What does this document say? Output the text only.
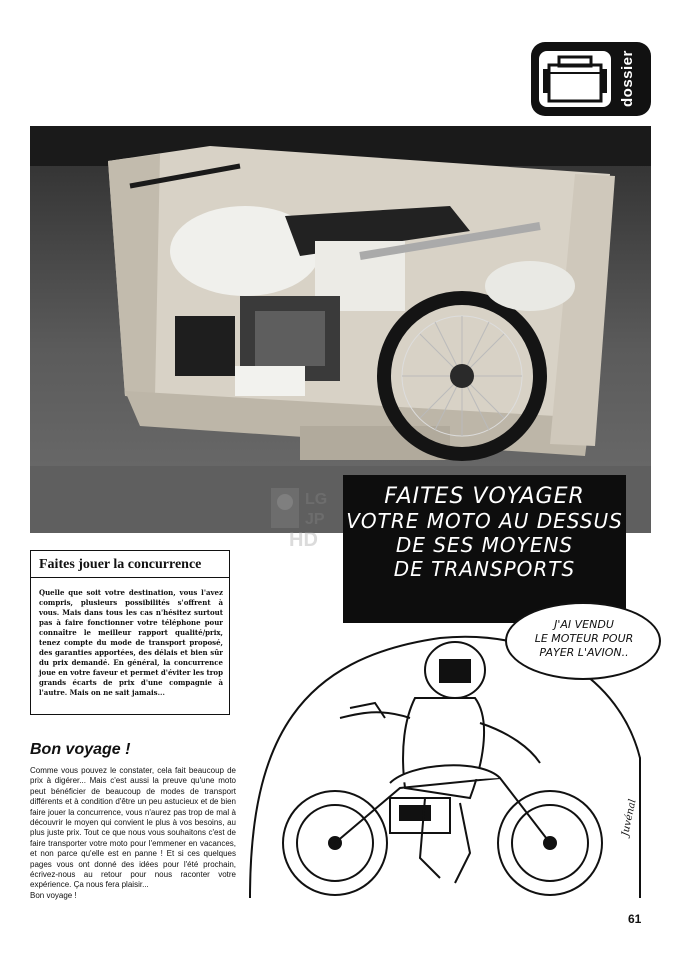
dossier
LG
JP
HD
FAITES VOYAGER
VOTRE MOTO AU DESSUS
DE SES MOYENS
DE TRANSPORTS
Faites jouer la concurrence
Quelle que soit votre destination, vous l'avez compris, plusieurs possibilités s'offrent à vous. Mais dans tous les cas n'hésitez surtout pas à faire fonctionner votre téléphone pour connaître le meilleur rapport qualité/prix, tenez compte du mode de transport proposé, des garanties apportées, des délais et bien sûr du prix demandé. En général, la concurrence joue en votre faveur et permet d'éviter les trop grands écarts de prix d'une compagnie à l'autre. Mais on ne sait jamais...
Bon voyage !

Comme vous pouvez le constater, cela fait beaucoup de prix à digérer... Mais c'est aussi la preuve qu'une moto peut bénéficier de beaucoup de modes de transport différents et à condition d'être un peu astucieux et de bien faire jouer la concurrence, vous n'aurez pas trop de mal à découvrir le moyen qui convient le plus à vos besoins, au plus juste prix. Tout ce que nous vous souhaitons c'est de faire transporter votre moto pour l'emmener en vacances, et non parce qu'elle est en panne ! Et si ces quelques pages vous ont donné des idées pour l'été prochain, écrivez-nous au retour pour nous raconter votre expérience. Ça nous fera plaisir...

Bon voyage !

J'AI VENDU
LE MOTEUR POUR
PAYER L'AVION..
Juvénal
61
